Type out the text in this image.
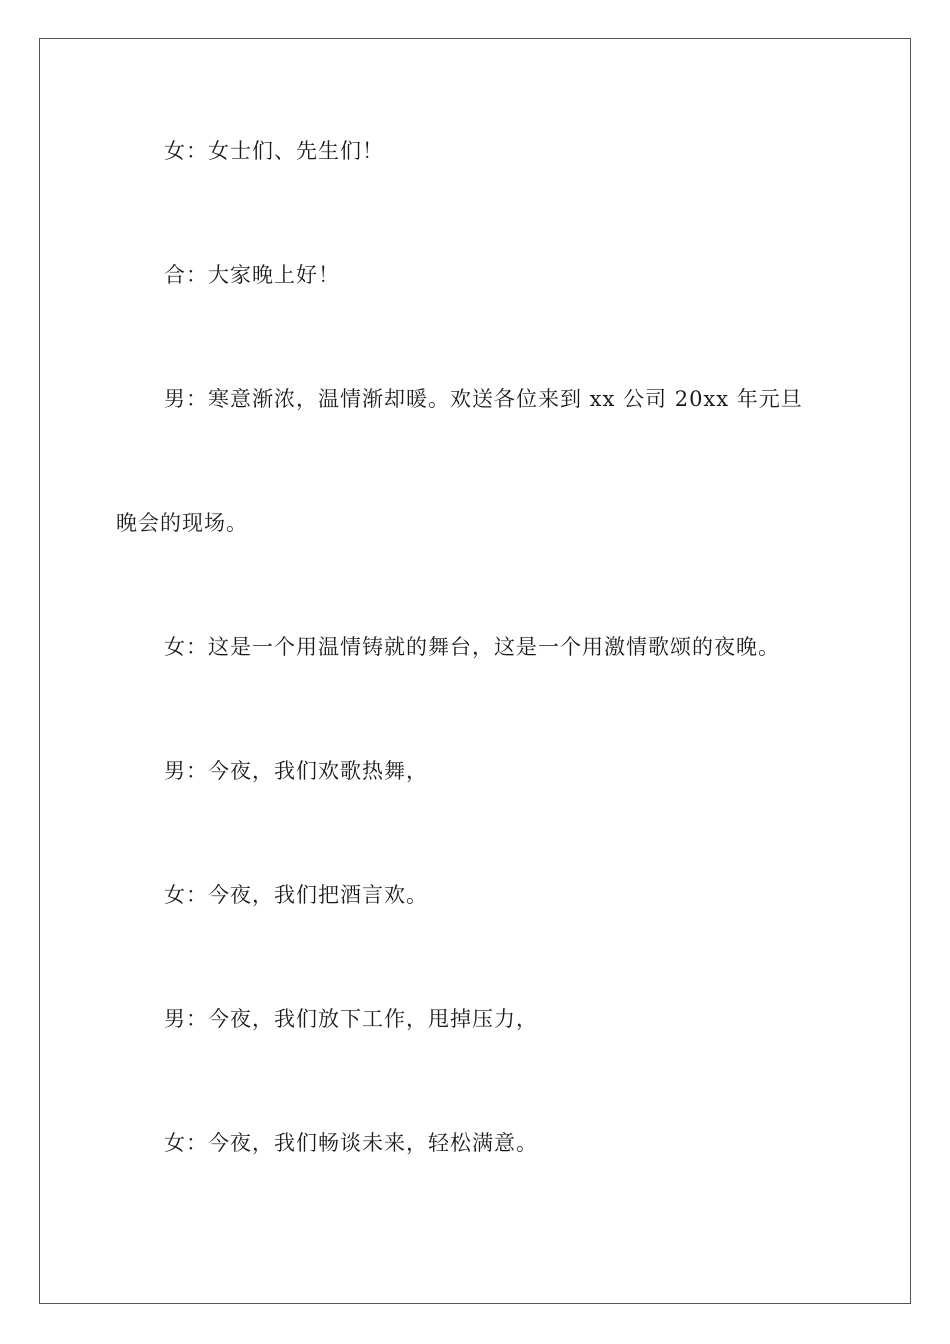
女：女士们、先生们！
合：大家晚上好！
男：寒意渐浓，温情渐却暖。欢送各位来到 xx 公司 20xx 年元旦
晚会的现场。
女：这是一个用温情铸就的舞台，这是一个用激情歌颂的夜晚。
男：今夜，我们欢歌热舞，
女：今夜，我们把酒言欢。
男：今夜，我们放下工作，甩掉压力，
女：今夜，我们畅谈未来，轻松满意。
